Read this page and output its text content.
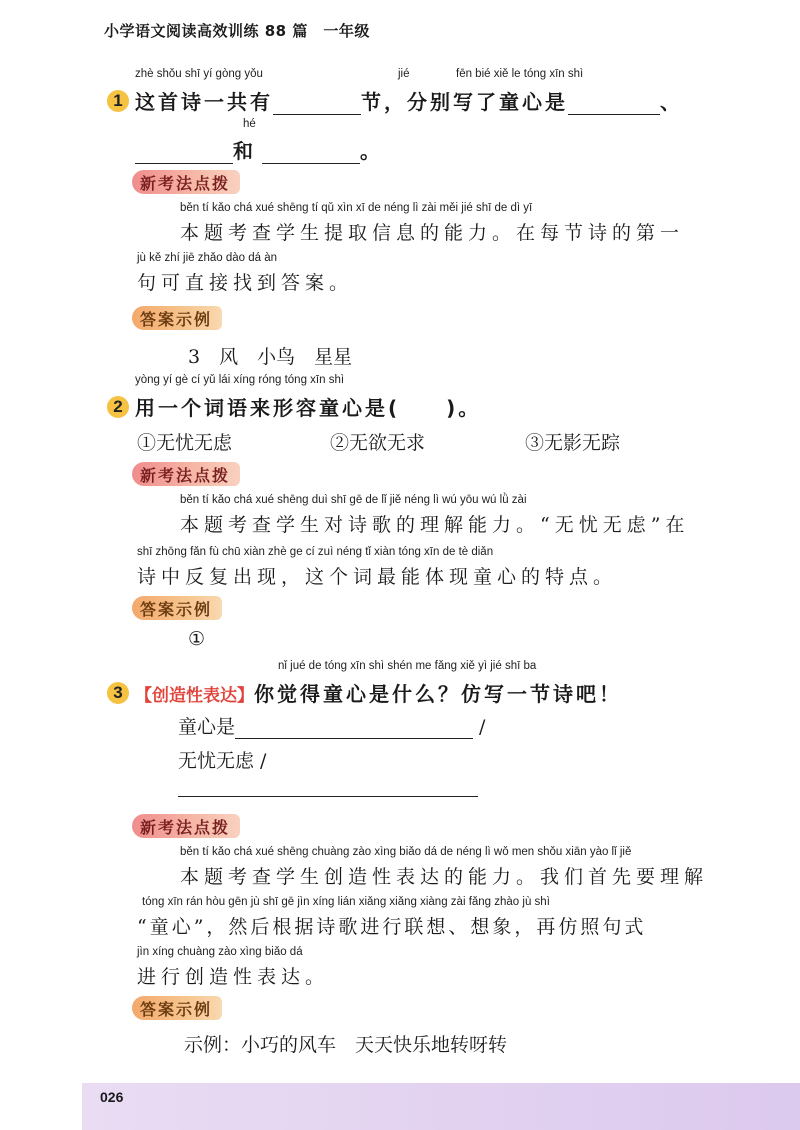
小学语文阅读高效训练 88 篇　一年级
zhè shǒu shī yí gòng yǒu	jié	fēn bié xiě le tóng xīn shì
1 这首诗一共有	节，分别写了童心是	、
hé
和	。
新考法点拨
běn tí kǎo chá xué shēng tí qǔ xìn xī de néng lì zài měi jié shī de dì yī
本题考查学生提取信息的能力。在每节诗的第一
jù kě zhí jiē zhǎo dào dá àn
句可直接找到答案。
答案示例
3　风　小鸟　星星
yòng yí gè cí yǔ lái xíng róng tóng xīn shì
2 用一个词语来形容童心是(　　)。
①无忧无虑	②无欲无求	③无影无踪
新考法点拨
běn tí kǎo chá xué shēng duì shī gē de lǐ jiě néng lì wú yōu wú lǜ zài
本题考查学生对诗歌的理解能力。“无忧无虑”在
shī zhōng fǎn fù chū xiàn zhè ge cí zuì néng tǐ xiàn tóng xīn de tè diǎn
诗中反复出现，这个词最能体现童心的特点。
答案示例
①
nǐ jué de tóng xīn shì shén me fǎng xiě yì jié shī ba
3 【创造性表达】你觉得童心是什么？仿写一节诗吧！
童心是	/
无忧无虑 /
新考法点拨
běn tí kǎo chá xué shēng chuàng zào xìng biǎo dá de néng lì wǒ men shǒu xiān yào lǐ jiě
本题考查学生创造性表达的能力。我们首先要理解
tóng xīn rán hòu gēn jù shī gē jìn xíng lián xiǎng xiǎng xiàng zài fǎng zhào jù shì
“童心”，然后根据诗歌进行联想、想象，再仿照句式
jìn xíng chuàng zào xìng biǎo dá
进行创造性表达。
答案示例
示例：小巧的风车　天天快乐地转呀转
026
